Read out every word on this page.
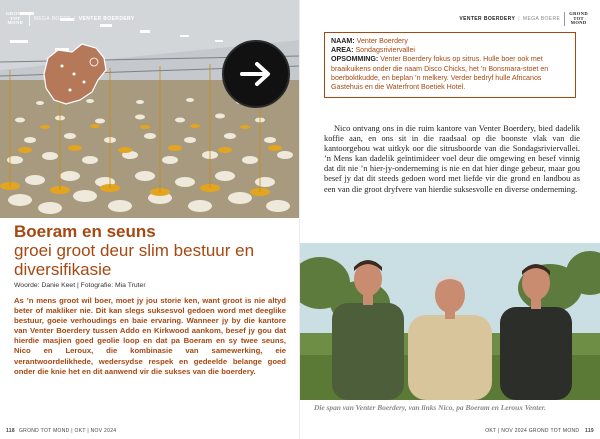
GROND
TOT
MOND
MEGA BOERE | VENTER BOERDERY
Boeram en seuns
groei groot deur slim bestuur en diversifikasie
Woorde: Danie Keet | Fotografie: Mia Truter
As ’n mens groot wil boer, moet jy jou storie ken, want groot is nie altyd beter of makliker nie. Dit kan slegs suksesvol gedoen word met deeglike bestuur, goeie verhoudings en baie ervaring. Wanneer jy by die kantore van Venter Boerdery tussen Addo en Kirkwood aankom, besef jy gou dat hierdie masjien goed geolie loop en dat pa Boeram en sy twee seuns, Nico en Leroux, die kombinasie van samewerking, eie verantwoordelikhede, wedersydse respek en gedeelde belange goed onder die knie het en dit aanwend vir die sukses van die boerdery.
118 GROND TOT MOND | OKT | NOV 2024
VENTER BOERDERY | MEGA BOERE
GROND
TOT
MOND
NAAM: Venter Boerdery
AREA: Sondagsriviervallei
OPSOMMING: Venter Boerdery fokus op sitrus. Hulle boer ook met braaikuikens onder die naam Disco Chicks, het ’n Bonsmara-stoet en boerboktkudde, en beplan ’n melkery. Verder bedryf hulle Africanos Gastehuis en die Waterfront Boetiek Hotel.
Nico ontvang ons in die ruim kantore van Venter Boerdery, bied dadelik koffie aan, en ons sit in die raadsaal op die boonste vlak van die kantoorgebou wat uitkyk oor die sitrusboorde van die Sondagsriviervallei. ’n Mens kan dadelik geïntimideer voel deur die omgewing en besef vinnig dat dit nie ’n hier-jy-onderneming is nie en dat hier dinge gebeur, maar gou besef jy dat dit steeds gedoen word met liefde vir die grond en landbou as een van die groot dryfvere van hierdie suksesvolle en diverse onderneming.
Die span van Venter Boerdery, van links Nico, pa Boeram en Leroux Venter.
OKT | NOV 2024 GROND TOT MOND 119
